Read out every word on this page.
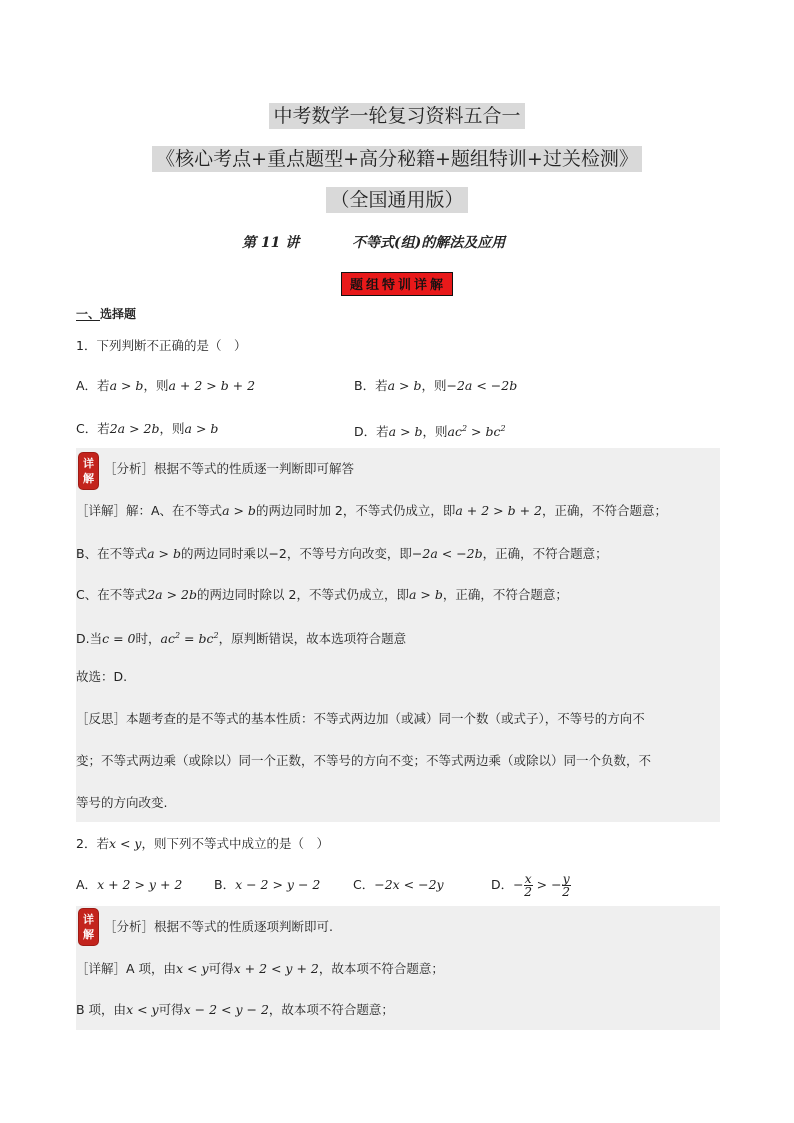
中考数学一轮复习资料五合一
《核心考点+重点题型+高分秘籍+题组特训+过关检测》
（全国通用版）
第 11 讲	不等式(组)的解法及应用
题组特训详解
一、选择题
1．下列判断不正确的是（　）
A．若a > b，则a + 2 > b + 2	B．若a > b，则−2a < −2b
C．若2a > 2b，则a > b	D．若a > b，则$ac^2 > bc^2$
详解
［分析］根据不等式的性质逐一判断即可解答
［详解］解：A、在不等式a > b的两边同时加 2，不等式仍成立，即a + 2 > b + 2，正确，不符合题意；
B、在不等式a > b的两边同时乘以−2，不等号方向改变，即−2a < −2b，正确，不符合题意；
C、在不等式2a > 2b的两边同时除以 2，不等式仍成立，即a > b，正确，不符合题意；
D.当c = 0时，$ac^2 = bc^2$，原判断错误，故本选项符合题意
故选：D.
［反思］本题考查的是不等式的基本性质：不等式两边加（或减）同一个数（或式子），不等号的方向不
变；不等式两边乘（或除以）同一个正数，不等号的方向不变；不等式两边乘（或除以）同一个负数，不
等号的方向改变.
2．若x < y，则下列不等式中成立的是（　）
A．x + 2 > y + 2	B．x − 2 > y − 2	C．−2x < −2y	D．− $\frac{x}{2}$ > − $\frac{y}{2}$
详解
［分析］根据不等式的性质逐项判断即可.
［详解］A 项，由x < y可得x + 2 < y + 2，故本项不符合题意；
B 项，由x < y可得x − 2 < y − 2，故本项不符合题意；
